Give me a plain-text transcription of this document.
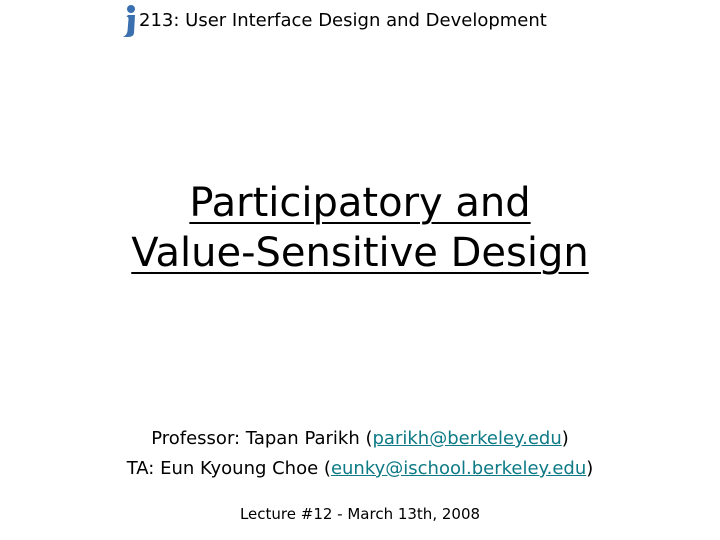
213: User Interface Design and Development
Participatory and
Value-Sensitive Design
Professor: Tapan Parikh (parikh@berkeley.edu)
TA: Eun Kyoung Choe (eunky@ischool.berkeley.edu)
Lecture #12 - March 13th, 2008
